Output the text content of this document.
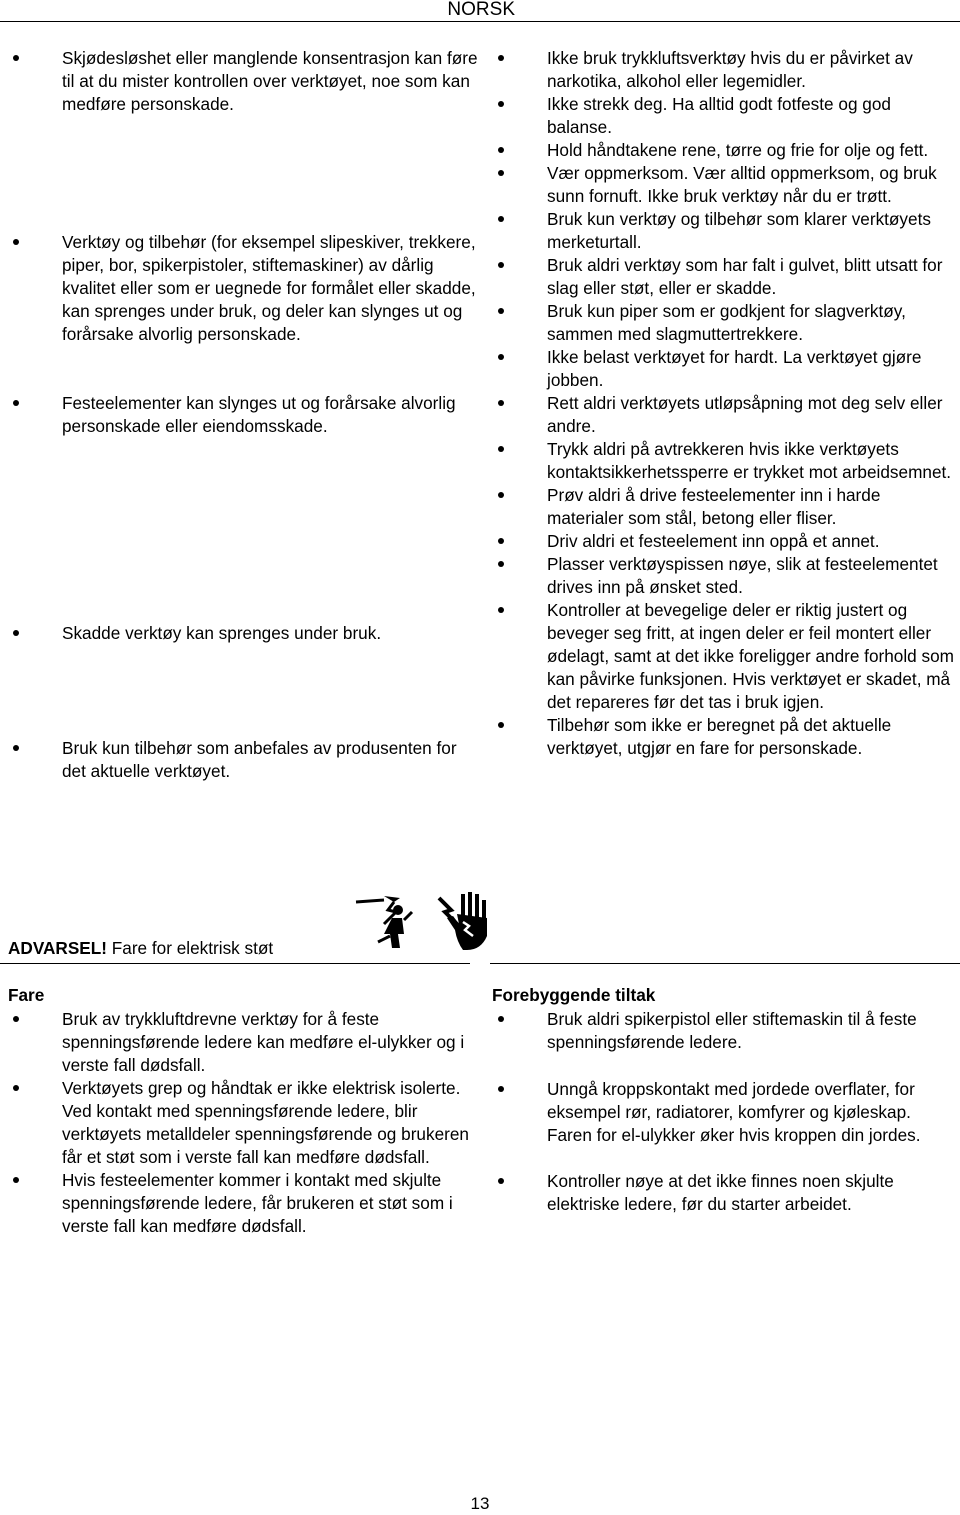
NORSK
Skjødesløshet eller manglende konsentrasjon kan føre til at du mister kontrollen over verktøyet, noe som kan medføre personskade.
Verktøy og tilbehør (for eksempel slipeskiver, trekkere, piper, bor, spikerpistoler, stiftemaskiner) av dårlig kvalitet eller som er uegnede for formålet eller skadde, kan sprenges under bruk, og deler kan slynges ut og forårsake alvorlig personskade.
Festeelementer kan slynges ut og forårsake alvorlig personskade eller eiendomsskade.
Skadde verktøy kan sprenges under bruk.
Bruk kun tilbehør som anbefales av produsenten for det aktuelle verktøyet.
Ikke bruk trykkluftsverktøy hvis du er påvirket av narkotika, alkohol eller legemidler.
Ikke strekk deg. Ha alltid godt fotfeste og god balanse.
Hold håndtakene rene, tørre og frie for olje og fett.
Vær oppmerksom. Vær alltid oppmerksom, og bruk sunn fornuft. Ikke bruk verktøy når du er trøtt.
Bruk kun verktøy og tilbehør som klarer verktøyets merketurtall.
Bruk aldri verktøy som har falt i gulvet, blitt utsatt for slag eller støt, eller er skadde.
Bruk kun piper som er godkjent for slagverktøy, sammen med slagmuttertrekkere.
Ikke belast verktøyet for hardt. La verktøyet gjøre jobben.
Rett aldri verktøyets utløpsåpning mot deg selv eller andre.
Trykk aldri på avtrekkeren hvis ikke verktøyets kontaktsikkerhetssperre er trykket mot arbeidsemnet.
Prøv aldri å drive festeelementer inn i harde materialer som stål, betong eller fliser.
Driv aldri et festeelement inn oppå et annet.
Plasser verktøyspissen nøye, slik at festeelementet drives inn på ønsket sted.
Kontroller at bevegelige deler er riktig justert og beveger seg fritt, at ingen deler er feil montert eller ødelagt, samt at det ikke foreligger andre forhold som kan påvirke funksjonen. Hvis verktøyet er skadet, må det repareres før det tas i bruk igjen.
Tilbehør som ikke er beregnet på det aktuelle verktøyet, utgjør en fare for personskade.

ADVARSEL! Fare for elektrisk støt
Fare	Forebyggende tiltak
Bruk av trykkluftdrevne verktøy for å feste spenningsførende ledere kan medføre el-ulykker og i verste fall dødsfall.
Verktøyets grep og håndtak er ikke elektrisk isolerte. Ved kontakt med spenningsførende ledere, blir verktøyets metalldeler spenningsførende og brukeren får et støt som i verste fall kan medføre dødsfall.
Hvis festeelementer kommer i kontakt med skjulte spenningsførende ledere, får brukeren et støt som i verste fall kan medføre dødsfall.
Bruk aldri spikerpistol eller stiftemaskin til å feste spenningsførende ledere.
Unngå kroppskontakt med jordede overflater, for eksempel rør, radiatorer, komfyrer og kjøleskap. Faren for el-ulykker øker hvis kroppen din jordes.
Kontroller nøye at det ikke finnes noen skjulte elektriske ledere, før du starter arbeidet.
13
